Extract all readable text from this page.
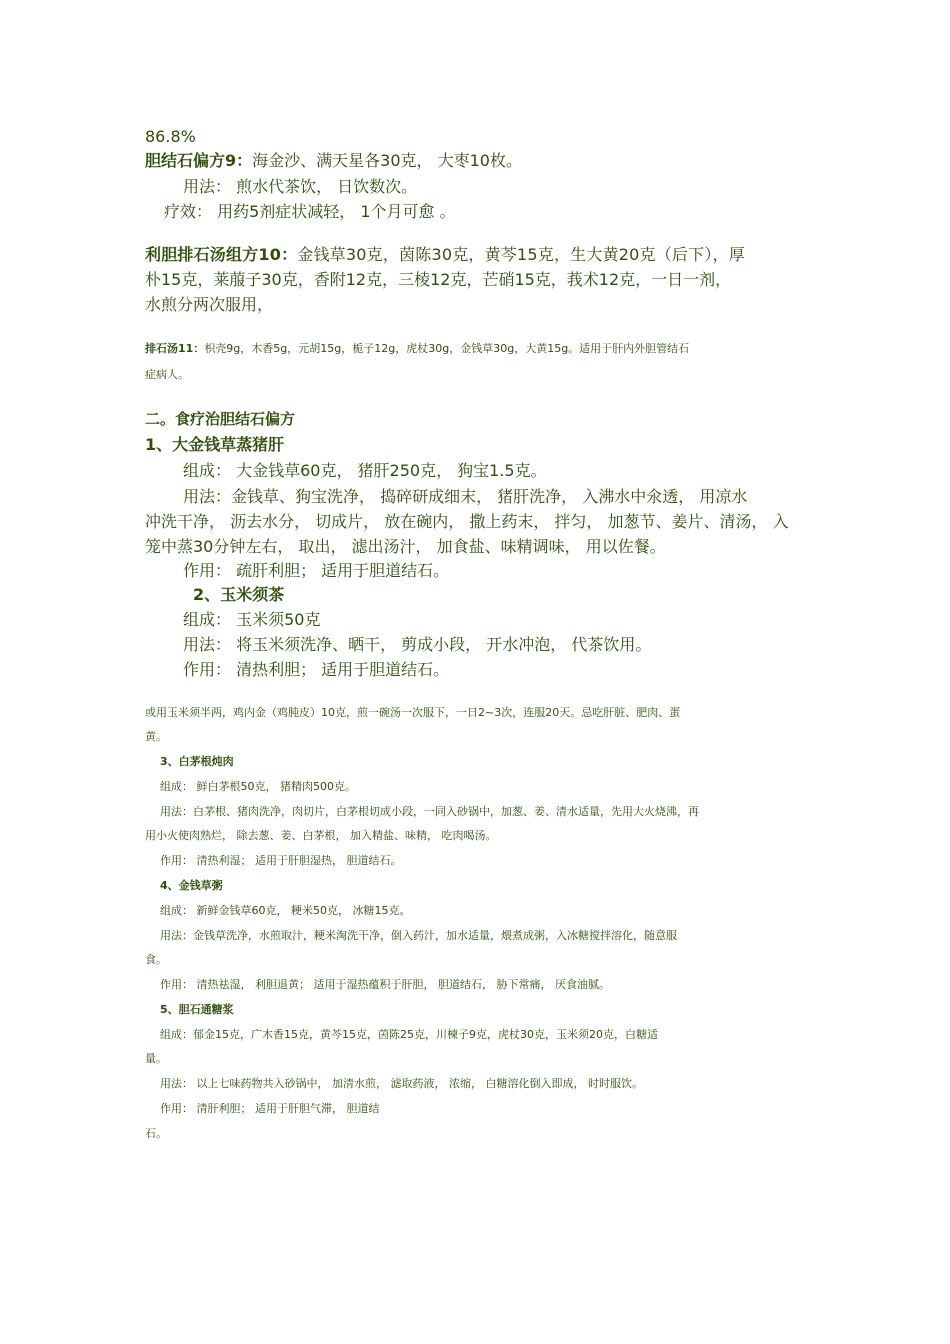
86.8%
胆结石偏方9：海金沙、满天星各30克， 大枣10枚。
用法： 煎水代茶饮， 日饮数次。
疗效： 用药5剂症状减轻， 1个月可愈 。
利胆排石汤组方10：金钱草30克，茵陈30克，黄芩15克，生大黄20克（后下），厚
朴15克，莱菔子30克，香附12克，三棱12克，芒硝15克，莪术12克，一日一剂，
水煎分两次服用，
排石汤11：枳壳9g，木香5g，元胡15g，栀子12g，虎杖30g，金钱草30g，大黄15g。适用于肝内外胆管结石
症病人。
二。食疗治胆结石偏方
1、大金钱草蒸猪肝
组成： 大金钱草60克， 猪肝250克， 狗宝1.5克。
用法：金钱草、狗宝洗净， 捣碎研成细末， 猪肝洗净， 入沸水中氽透， 用凉水
冲洗干净， 沥去水分， 切成片， 放在碗内， 撒上药末， 拌匀， 加葱节、姜片、清汤， 入
笼中蒸30分钟左右， 取出， 滤出汤汁， 加食盐、味精调味， 用以佐餐。
作用： 疏肝利胆； 适用于胆道结石。
2、玉米须茶
组成： 玉米须50克
用法： 将玉米须洗净、晒干， 剪成小段， 开水冲泡， 代茶饮用。
作用： 清热利胆； 适用于胆道结石。
或用玉米须半两，鸡内金（鸡肫皮）10克，煎一碗汤一次服下，一日2~3次，连服20天。忌吃肝脏、肥肉、蛋
黄。
3、白茅根炖肉
组成： 鲜白茅根50克， 猪精肉500克。
用法：白茅根、猪肉洗净，肉切片，白茅根切成小段，一同入砂锅中，加葱、姜、清水适量，先用大火烧沸，再
用小火使肉熟烂， 除去葱、姜、白茅根， 加入精盐、味精， 吃肉喝汤。
作用： 清热利湿； 适用于肝胆湿热， 胆道结石。
4、金钱草粥
组成： 新鲜金钱草60克， 粳米50克， 冰糖15克。
用法：金钱草洗净，水煎取汁，粳米淘洗干净，倒入药汁，加水适量，煨煮成粥，入冰糖搅拌溶化，随意服
食。
作用： 清热祛湿， 利胆退黄； 适用于湿热蕴积于肝胆， 胆道结石， 胁下常痛， 厌食油腻。
5、胆石通糖浆
组成：郁金15克，广木香15克，黄芩15克，茵陈25克，川楝子9克，虎杖30克，玉米须20克，白糖适
量。
用法： 以上七味药物共入砂锅中， 加清水煎， 滤取药液， 浓缩， 白糖溶化倒入即成， 时时服饮。
作用： 清肝利胆； 适用于肝胆气滞， 胆道结
石。
